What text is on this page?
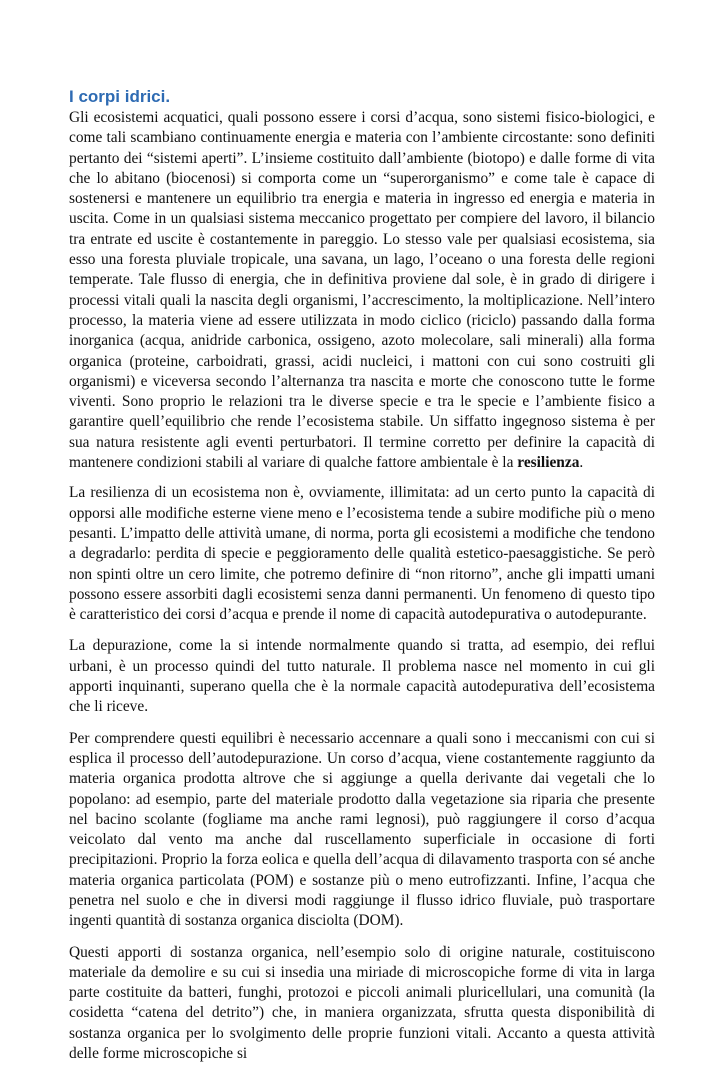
I corpi idrici.

Gli ecosistemi acquatici, quali possono essere i corsi d’acqua, sono sistemi fisico-biologici, e come tali scambiano continuamente energia e materia con l’ambiente circostante: sono definiti pertanto dei “sistemi aperti”. L’insieme costituito dall’ambiente (biotopo) e dalle forme di vita che lo abitano (biocenosi) si comporta come un “superorganismo” e come tale è capace di sostenersi e mantenere un equilibrio tra energia e materia in ingresso ed energia e materia in uscita. Come in un qualsiasi sistema meccanico progettato per compiere del lavoro, il bilancio tra entrate ed uscite è costantemente in pareggio. Lo stesso vale per qualsiasi ecosistema, sia esso una foresta pluviale tropicale, una savana, un lago, l’oceano o una foresta delle regioni temperate. Tale flusso di energia, che in definitiva proviene dal sole, è in grado di dirigere i processi vitali quali la nascita degli organismi, l’accrescimento, la moltiplicazione. Nell’intero processo, la materia viene ad essere utilizzata in modo ciclico (riciclo) passando dalla forma inorganica (acqua, anidride carbonica, ossigeno, azoto molecolare, sali minerali) alla forma organica (proteine, carboidrati, grassi, acidi nucleici, i mattoni con cui sono costruiti gli organismi) e viceversa secondo l’alternanza tra nascita e morte che conoscono tutte le forme viventi. Sono proprio le relazioni tra le diverse specie e tra le specie e l’ambiente fisico a garantire quell’equilibrio che rende l’ecosistema stabile. Un siffatto ingegnoso sistema è per sua natura resistente agli eventi perturbatori. Il termine corretto per definire la capacità di mantenere condizioni stabili al variare di qualche fattore ambientale è la resilienza.

La resilienza di un ecosistema non è, ovviamente, illimitata: ad un certo punto la capacità di opporsi alle modifiche esterne viene meno e l’ecosistema tende a subire modifiche più o meno pesanti. L’impatto delle attività umane, di norma, porta gli ecosistemi a modifiche che tendono a degradarlo: perdita di specie e peggioramento delle qualità estetico-paesaggistiche. Se però non spinti oltre un cero limite, che potremo definire di “non ritorno”, anche gli impatti umani possono essere assorbiti dagli ecosistemi senza danni permanenti. Un fenomeno di questo tipo è caratteristico dei corsi d’acqua e prende il nome di capacità autodepurativa o autodepurante.

La depurazione, come la si intende normalmente quando si tratta, ad esempio, dei reflui urbani, è un processo quindi del tutto naturale. Il problema nasce nel momento in cui gli apporti inquinanti, superano quella che è la normale capacità autodepurativa dell’ecosistema che li riceve.

Per comprendere questi equilibri è necessario accennare a quali sono i meccanismi con cui si esplica il processo dell’autodepurazione. Un corso d’acqua, viene costantemente raggiunto da materia organica prodotta altrove che si aggiunge a quella derivante dai vegetali che lo popolano: ad esempio, parte del materiale prodotto dalla vegetazione sia riparia che presente nel bacino scolante (fogliame ma anche rami legnosi), può raggiungere il corso d’acqua veicolato dal vento ma anche dal ruscellamento superficiale in occasione di forti precipitazioni. Proprio la forza eolica e quella dell’acqua di dilavamento trasporta con sé anche materia organica particolata (POM) e sostanze più o meno eutrofizzanti. Infine, l’acqua che penetra nel suolo e che in diversi modi raggiunge il flusso idrico fluviale, può trasportare ingenti quantità di sostanza organica disciolta (DOM).

Questi apporti di sostanza organica, nell’esempio solo di origine naturale, costituiscono materiale da demolire e su cui si insedia una miriade di microscopiche forme di vita in larga parte costituite da batteri, funghi, protozoi e piccoli animali pluricellulari, una comunità (la cosidetta “catena del detrito”) che, in maniera organizzata, sfrutta questa disponibilità di sostanza organica per lo svolgimento delle proprie funzioni vitali. Accanto a questa attività delle forme microscopiche si
